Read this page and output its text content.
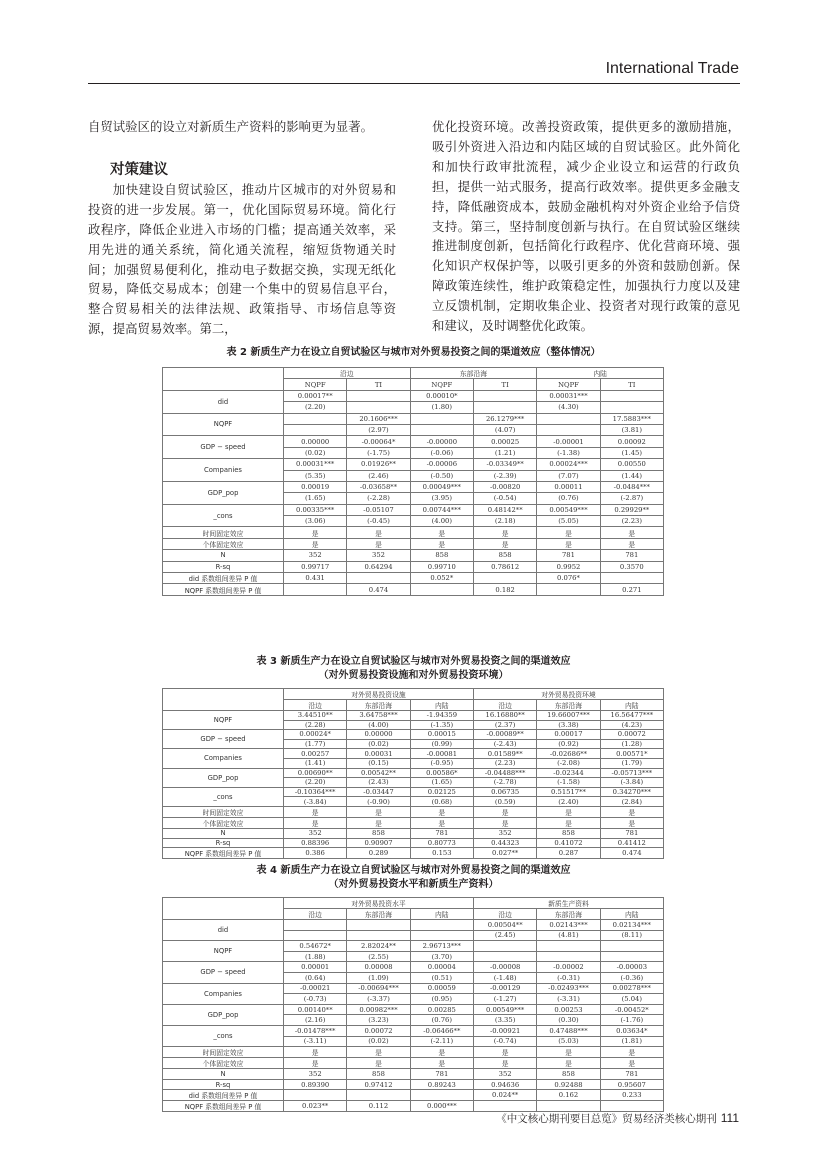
International Trade

自贸试验区的设立对新质生产资料的影响更为显著。

对策建议

加快建设自贸试验区，推动片区城市的对外贸易和投资的进一步发展。第一，优化国际贸易环境。简化行政程序，降低企业进入市场的门槛；提高通关效率，采用先进的通关系统，简化通关流程，缩短货物通关时间；加强贸易便利化，推动电子数据交换，实现无纸化贸易，降低交易成本；创建一个集中的贸易信息平台，整合贸易相关的法律法规、政策指导、市场信息等资源，提高贸易效率。第二，

优化投资环境。改善投资政策，提供更多的激励措施，吸引外资进入沿边和内陆区域的自贸试验区。此外简化和加快行政审批流程，减少企业设立和运营的行政负担，提供一站式服务，提高行政效率。提供更多金融支持，降低融资成本，鼓励金融机构对外资企业给予信贷支持。第三，坚持制度创新与执行。在自贸试验区继续推进制度创新，包括简化行政程序、优化营商环境、强化知识产权保护等，以吸引更多的外资和鼓励创新。保障政策连续性，维护政策稳定性，加强执行力度以及建立反馈机制，定期收集企业、投资者对现行政策的意见和建议，及时调整优化政策。

表 2 新质生产力在设立自贸试验区与城市对外贸易投资之间的渠道效应（整体情况）
	沿边		东部沿海		内陆	
	NQPF	TI	NQPF	TI	NQPF	TI
did	0.00017**		0.00010*		0.00031***	
	(2.20)		(1.80)		(4.30)	
NQPF		20.1606***		26.1279***		17.5883***
		(2.97)		(4.07)		(3.81)
GDP − speed	0.00000	-0.00064*	-0.00000	0.00025	-0.00001	0.00092
	(0.02)	(-1.75)	(-0.06)	(1.21)	(-1.38)	(1.45)
Companies	0.00031***	0.01926**	-0.00006	-0.03349**	0.00024***	0.00550
	(5.35)	(2.46)	(-0.50)	(-2.39)	(7.07)	(1.44)
GDP_pop	0.00019	-0.03658**	0.00049***	-0.00820	0.00011	-0.0484***
	(1.65)	(-2.28)	(3.95)	(-0.54)	(0.76)	(-2.87)
_cons	0.00335***	-0.05107	0.00744***	0.48142**	0.00549***	0.29929**
	(3.06)	(-0.45)	(4.00)	(2.18)	(5.05)	(2.23)
时间固定效应	是	是	是	是	是	是
个体固定效应	是	是	是	是	是	是
N	352	352	858	858	781	781
R-sq	0.99717	0.64294	0.99710	0.78612	0.9952	0.3570
did 系数组间差异 P 值	0.431		0.052*		0.076*	
NQPF 系数组间差异 P 值		0.474		0.182		0.271
表 3 新质生产力在设立自贸试验区与城市对外贸易投资之间的渠道效应
（对外贸易投资设施和对外贸易投资环境）
	对外贸易投资设施			对外贸易投资环境		
	沿边	东部沿海	内陆	沿边	东部沿海	内陆
NQPF	3.44510**	3.64758***	-1.94359	16.16880**	19.66007***	16.56477***
	(2.28)	(4.00)	(-1.35)	(2.37)	(3.38)	(4.23)
GDP − speed	0.00024*	0.00000	0.00015	-0.00089**	0.00017	0.00072
	(1.77)	(0.02)	(0.99)	(-2.43)	(0.92)	(1.28)
Companies	0.00257	0.00031	-0.00081	0.01589**	-0.02686**	0.00571*
	(1.41)	(0.15)	(-0.95)	(2.23)	(-2.08)	(1.79)
GDP_pop	0.00690**	0.00542**	0.00586*	-0.04488***	-0.02344	-0.05713***
	(2.20)	(2.43)	(1.65)	(-2.78)	(-1.58)	(-3.84)
_cons	-0.10364***	-0.03447	0.02125	0.06735	0.51517**	0.34270***
	(-3.84)	(-0.90)	(0.68)	(0.59)	(2.40)	(2.84)
时间固定效应	是	是	是	是	是	是
个体固定效应	是	是	是	是	是	是
N	352	858	781	352	858	781
R-sq	0.88396	0.90907	0.80773	0.44323	0.41072	0.41412
NQPF 系数组间差异 P 值	0.386	0.289	0.153	0.027**	0.287	0.474
表 4 新质生产力在设立自贸试验区与城市对外贸易投资之间的渠道效应
（对外贸易投资水平和新质生产资料）
	对外贸易投资水平			新质生产资料		
	沿边	东部沿海	内陆	沿边	东部沿海	内陆
did				0.00504**	0.02143***	0.02134***
				(2.45)	(4.81)	(8.11)
NQPF	0.54672*	2.82024**	2.96713***			
	(1.88)	(2.55)	(3.70)			
GDP − speed	0.00001	0.00008	0.00004	-0.00008	-0.00002	-0.00003
	(0.64)	(1.09)	(0.51)	(-1.48)	(-0.31)	(-0.36)
Companies	-0.00021	-0.00694***	0.00059	-0.00129	-0.02493***	0.00278***
	(-0.73)	(-3.37)	(0.95)	(-1.27)	(-3.31)	(5.04)
GDP_pop	0.00140**	0.00982***	0.00285	0.00549***	0.00253	-0.00452*
	(2.16)	(3.23)	(0.76)	(3.35)	(0.30)	(-1.76)
_cons	-0.01478***	0.00072	-0.06466**	-0.00921	0.47488***	0.03634*
	(-3.11)	(0.02)	(-2.11)	(-0.74)	(5.03)	(1.81)
时间固定效应	是	是	是	是	是	是
个体固定效应	是	是	是	是	是	是
N	352	858	781	352	858	781
R-sq	0.89390	0.97412	0.89243	0.94636	0.92488	0.95607
did 系数组间差异 P 值				0.024**	0.162	0.233
NQPF 系数组间差异 P 值	0.023**	0.112	0.000***			
《中文核心期刊要目总览》贸易经济类核心期刊 111
